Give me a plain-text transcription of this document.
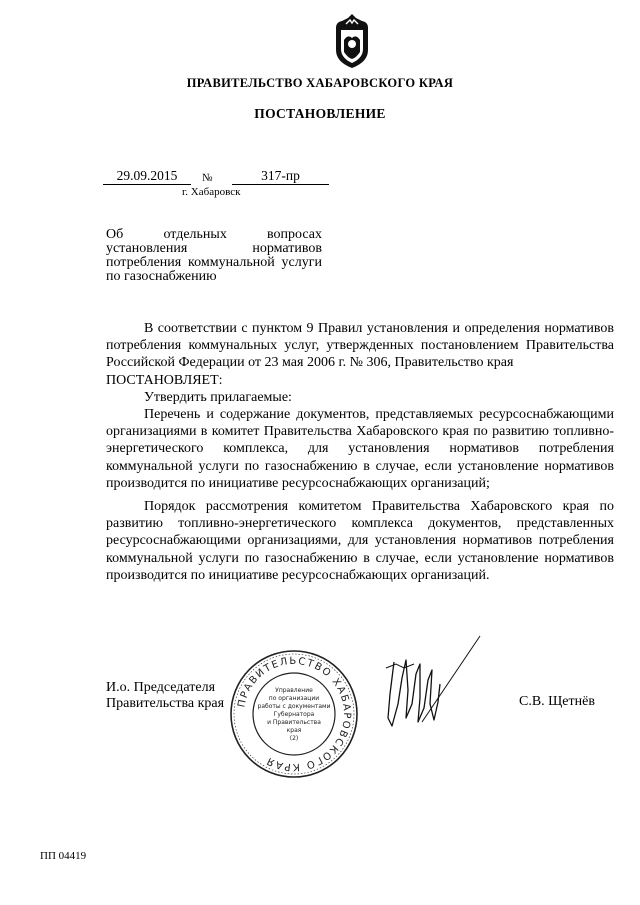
ПРАВИТЕЛЬСТВО ХАБАРОВСКОГО КРАЯ
ПОСТАНОВЛЕНИЕ
29.09.2015	№	317-пр
г. Хабаровск
Об отдельных вопросах установления нормативов потребления коммунальной услуги по газоснабжению

В соответствии с пунктом 9 Правил установления и определения нормативов потребления коммунальных услуг, утвержденных постановлением Правительства Российской Федерации от 23 мая 2006 г. № 306, Правительство края

ПОСТАНОВЛЯЕТ:

Утвердить прилагаемые:

Перечень и содержание документов, представляемых ресурсоснабжающими организациями в комитет Правительства Хабаровского края по развитию топливно-энергетического комплекса, для установления нормативов потребления коммунальной услуги по газоснабжению в случае, если установление нормативов производится по инициативе ресурсоснабжающих организаций;

Порядок рассмотрения комитетом Правительства Хабаровского края по развитию топливно-энергетического комплекса документов, представленных ресурсоснабжающими организациями, для установления нормативов потребления коммунальной услуги по газоснабжению в случае, если установление нормативов производится по инициативе ресурсоснабжающих организаций.

И.о. Председателя
Правительства края ПРАВИТЕЛЬСТВО ХАБАРОВСКОГО КРАЯ
Управление
по организации
работы с документами
Губернатора
и Правительства
края
(2)
С.В. Щетнёв
ПП 04419
